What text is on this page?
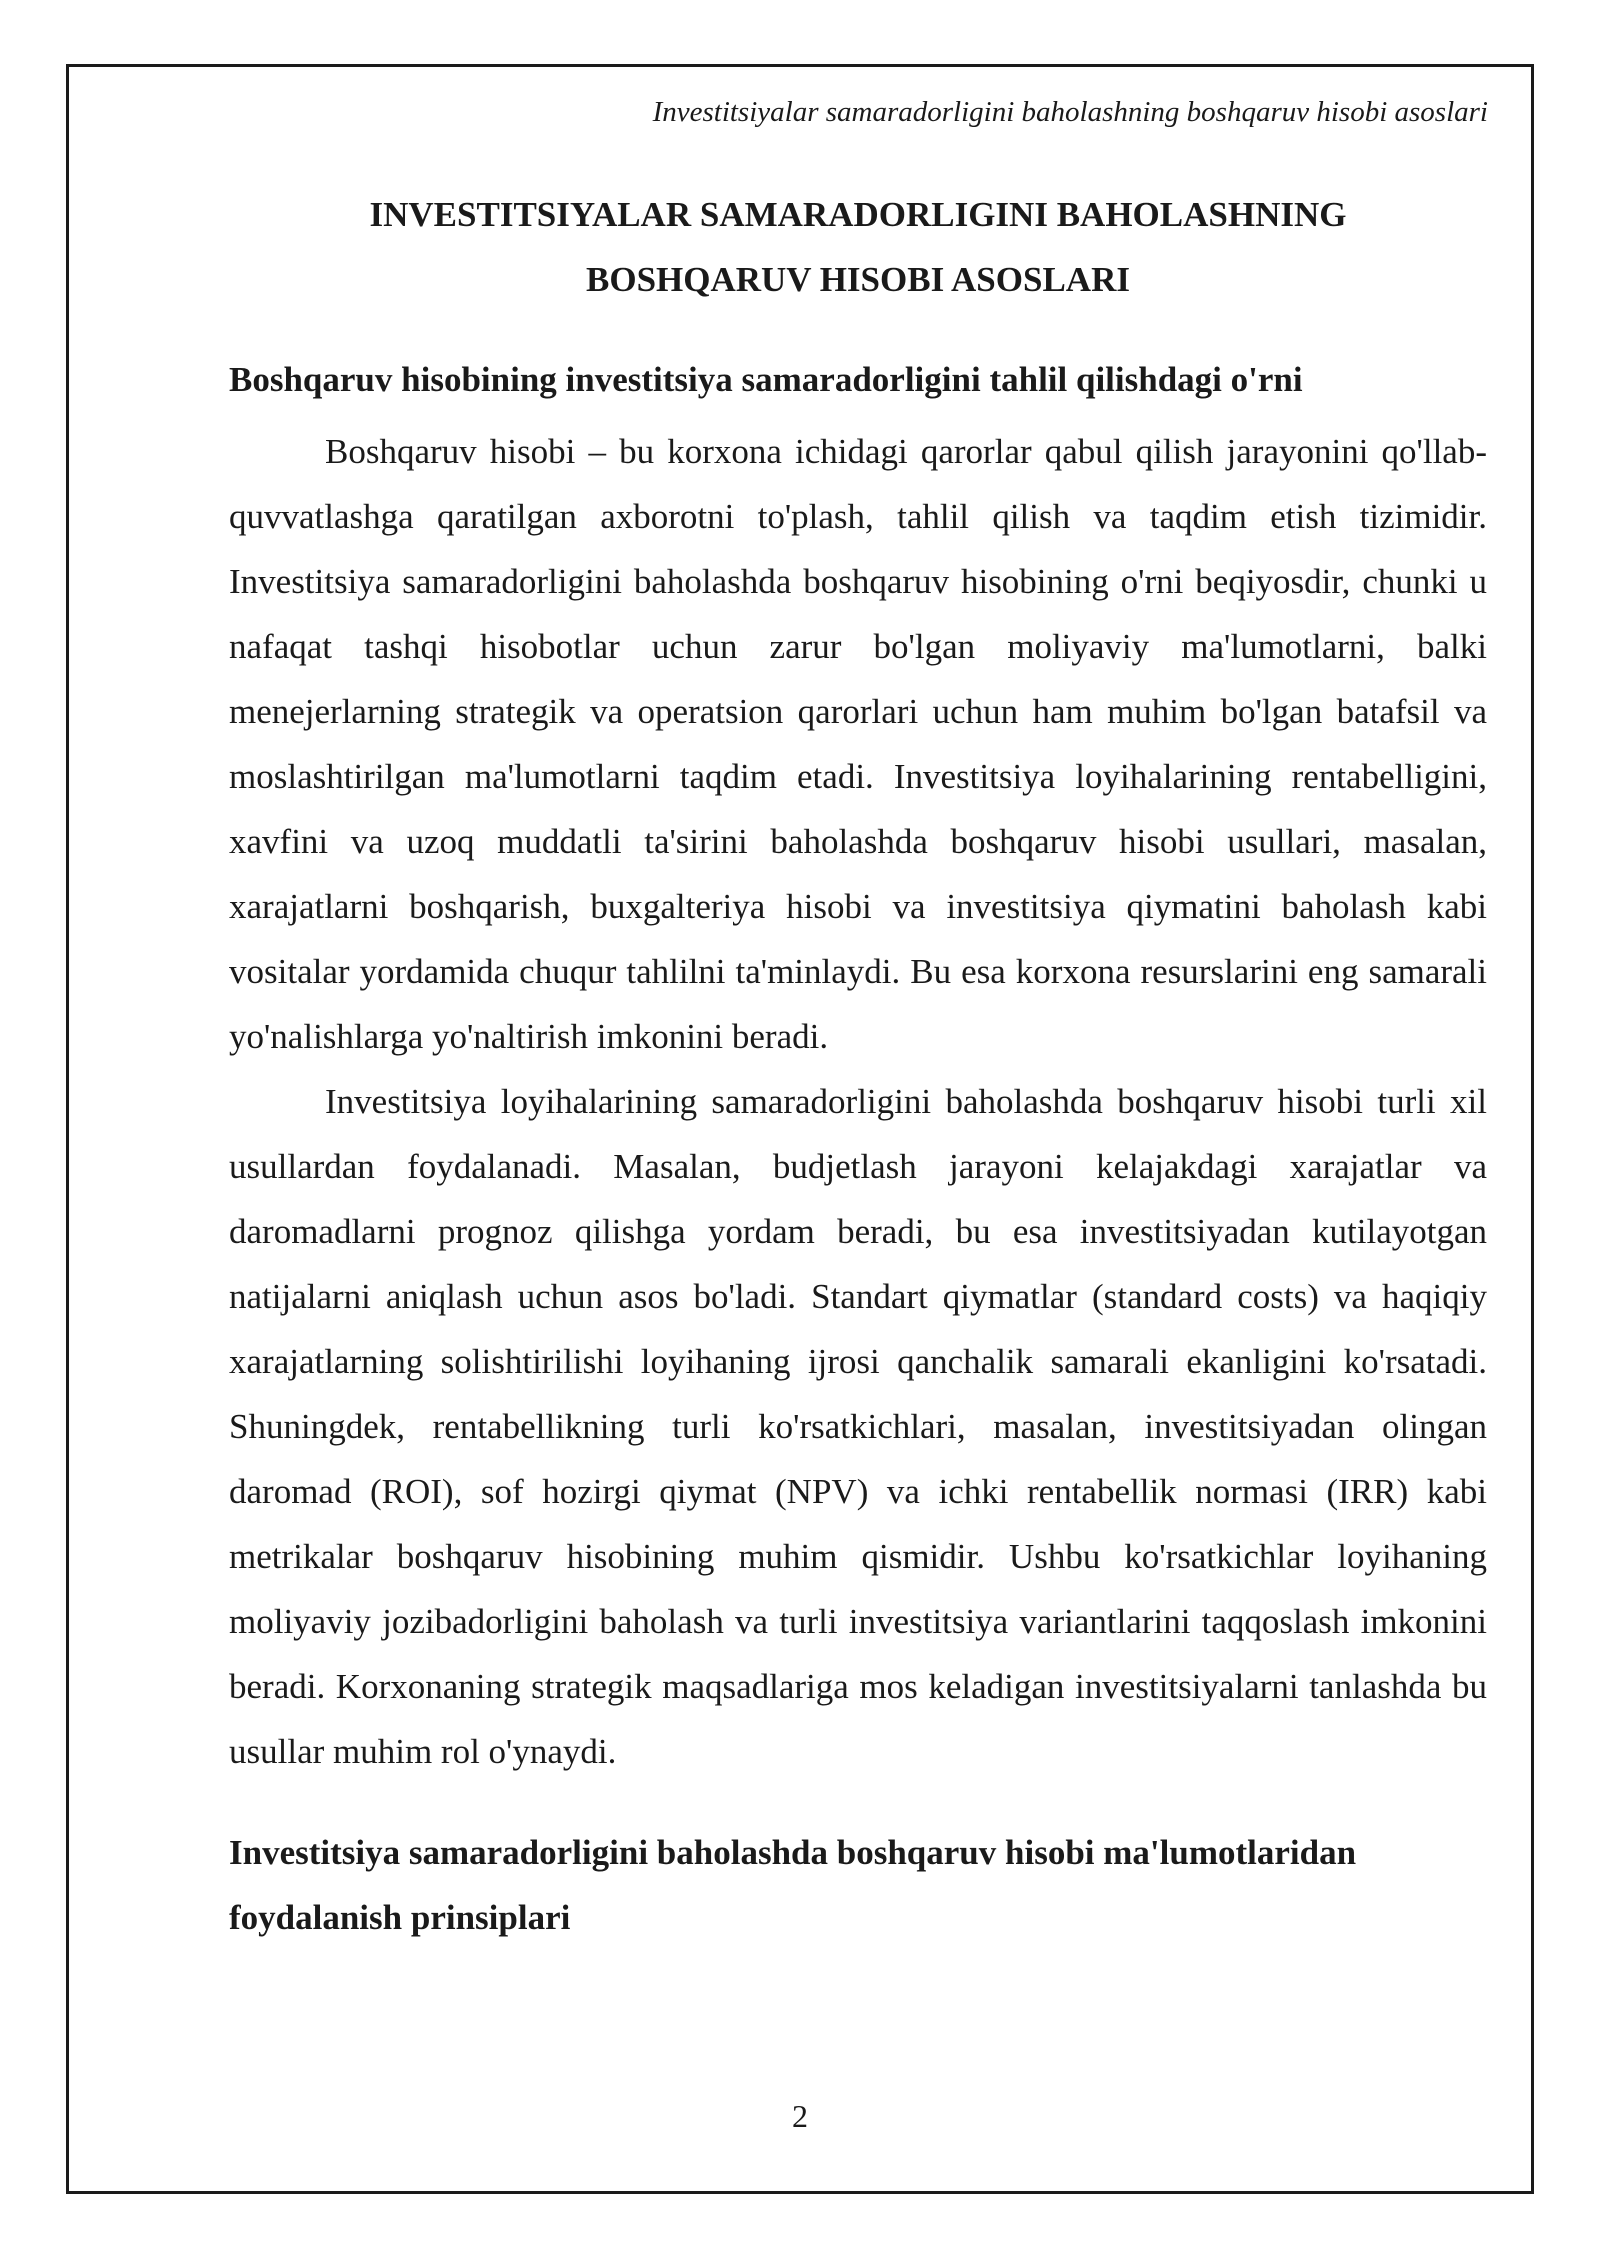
Investitsiyalar samaradorligini baholashning boshqaruv hisobi asoslari

INVESTITSIYALAR SAMARADORLIGINI BAHOLASHNING

BOSHQARUV HISOBI ASOSLARI

Boshqaruv hisobining investitsiya samaradorligini tahlil qilishdagi o'rni

Boshqaruv hisobi – bu korxona ichidagi qarorlar qabul qilish jarayonini qo'llab-quvvatlashga qaratilgan axborotni to'plash, tahlil qilish va taqdim etish tizimidir. Investitsiya samaradorligini baholashda boshqaruv hisobining o'rni beqiyosdir, chunki u nafaqat tashqi hisobotlar uchun zarur bo'lgan moliyaviy ma'lumotlarni, balki menejerlarning strategik va operatsion qarorlari uchun ham muhim bo'lgan batafsil va moslashtirilgan ma'lumotlarni taqdim etadi. Investitsiya loyihalarining rentabelligini, xavfini va uzoq muddatli ta'sirini baholashda boshqaruv hisobi usullari, masalan, xarajatlarni boshqarish, buxgalteriya hisobi va investitsiya qiymatini baholash kabi vositalar yordamida chuqur tahlilni ta'minlaydi. Bu esa korxona resurslarini eng samarali yo'nalishlarga yo'naltirish imkonini beradi.

Investitsiya loyihalarining samaradorligini baholashda boshqaruv hisobi turli xil usullardan foydalanadi. Masalan, budjetlash jarayoni kelajakdagi xarajatlar va daromadlarni prognoz qilishga yordam beradi, bu esa investitsiyadan kutilayotgan natijalarni aniqlash uchun asos bo'ladi. Standart qiymatlar (standard costs) va haqiqiy xarajatlarning solishtirilishi loyihaning ijrosi qanchalik samarali ekanligini ko'rsatadi. Shuningdek, rentabellikning turli ko'rsatkichlari, masalan, investitsiyadan olingan daromad (ROI), sof hozirgi qiymat (NPV) va ichki rentabellik normasi (IRR) kabi metrikalar boshqaruv hisobining muhim qismidir. Ushbu ko'rsatkichlar loyihaning moliyaviy jozibadorligini baholash va turli investitsiya variantlarini taqqoslash imkonini beradi. Korxonaning strategik maqsadlariga mos keladigan investitsiyalarni tanlashda bu usullar muhim rol o'ynaydi.

Investitsiya samaradorligini baholashda boshqaruv hisobi ma'lumotlaridan foydalanish prinsiplari
2
